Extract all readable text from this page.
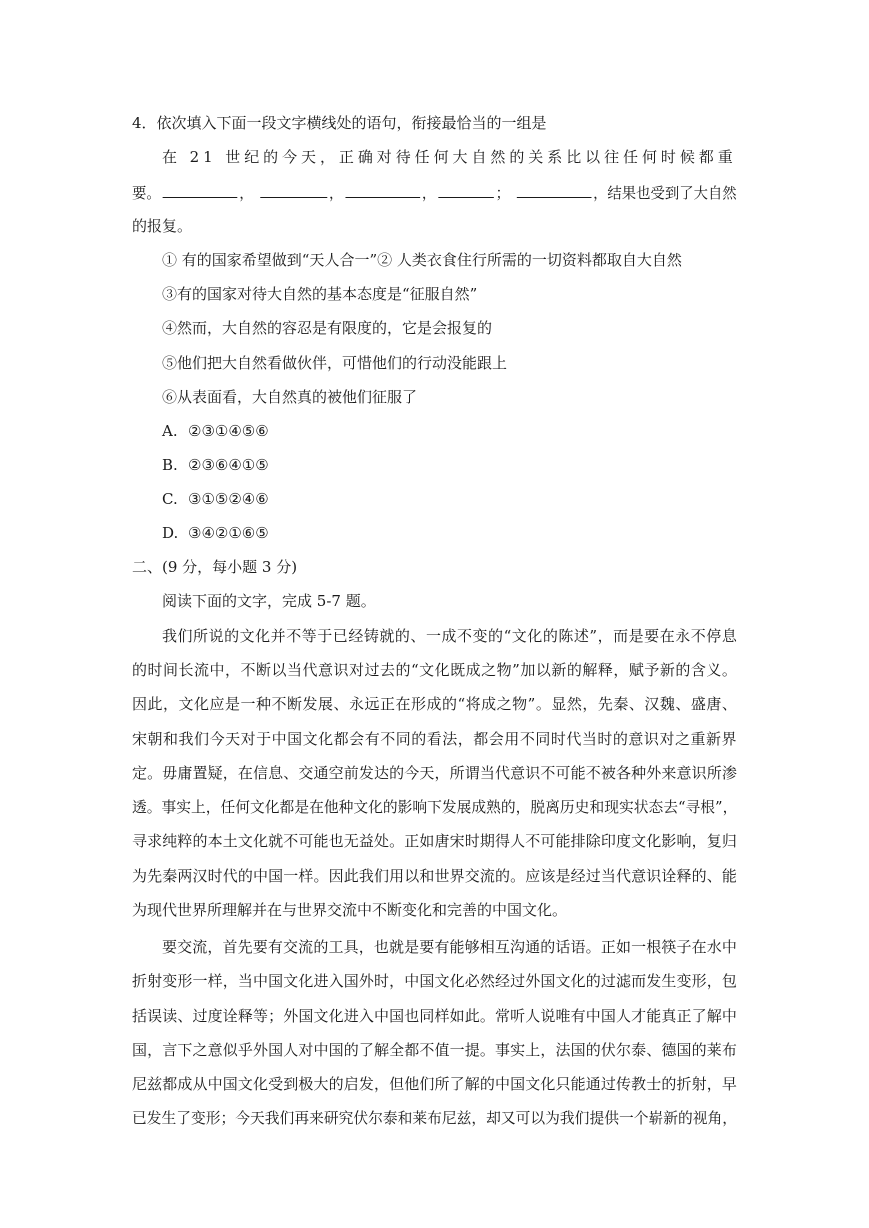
4．依次填入下面一段文字横线处的语句，衔接最恰当的一组是
在 21 世纪的今天，正确对待任何大自然的关系比以往任何时候都重
要。	，	，	，	；	，结果也受到了大自然
的报复。
① 有的国家希望做到“天人合一”② 人类衣食住行所需的一切资料都取自大自然
③有的国家对待大自然的基本态度是“征服自然”
④然而，大自然的容忍是有限度的，它是会报复的
⑤他们把大自然看做伙伴，可惜他们的行动没能跟上
⑥从表面看，大自然真的被他们征服了
A. ②③①④⑤⑥
B. ②③⑥④①⑤
C. ③①⑤②④⑥
D. ③④②①⑥⑤
二、(9 分，每小题 3 分)
阅读下面的文字，完成 5-7 题。
我们所说的文化并不等于已经铸就的、一成不变的“文化的陈述”，而是要在永不停息
的时间长流中，不断以当代意识对过去的“文化既成之物”加以新的解释，赋予新的含义。
因此，文化应是一种不断发展、永远正在形成的“将成之物”。显然，先秦、汉魏、盛唐、
宋朝和我们今天对于中国文化都会有不同的看法，都会用不同时代当时的意识对之重新界
定。毋庸置疑，在信息、交通空前发达的今天，所谓当代意识不可能不被各种外来意识所渗
透。事实上，任何文化都是在他种文化的影响下发展成熟的，脱离历史和现实状态去“寻根”，
寻求纯粹的本土文化就不可能也无益处。正如唐宋时期得人不可能排除印度文化影响，复归
为先秦两汉时代的中国一样。因此我们用以和世界交流的。应该是经过当代意识诠释的、能
为现代世界所理解并在与世界交流中不断变化和完善的中国文化。
要交流，首先要有交流的工具，也就是要有能够相互沟通的话语。正如一根筷子在水中
折射变形一样，当中国文化进入国外时，中国文化必然经过外国文化的过滤而发生变形，包
括误读、过度诠释等；外国文化进入中国也同样如此。常听人说唯有中国人才能真正了解中
国，言下之意似乎外国人对中国的了解全都不值一提。事实上，法国的伏尔泰、德国的莱布
尼兹都成从中国文化受到极大的启发，但他们所了解的中国文化只能通过传教士的折射，早
已发生了变形；今天我们再来研究伏尔泰和莱布尼兹，却又可以为我们提供一个崭新的视角，
